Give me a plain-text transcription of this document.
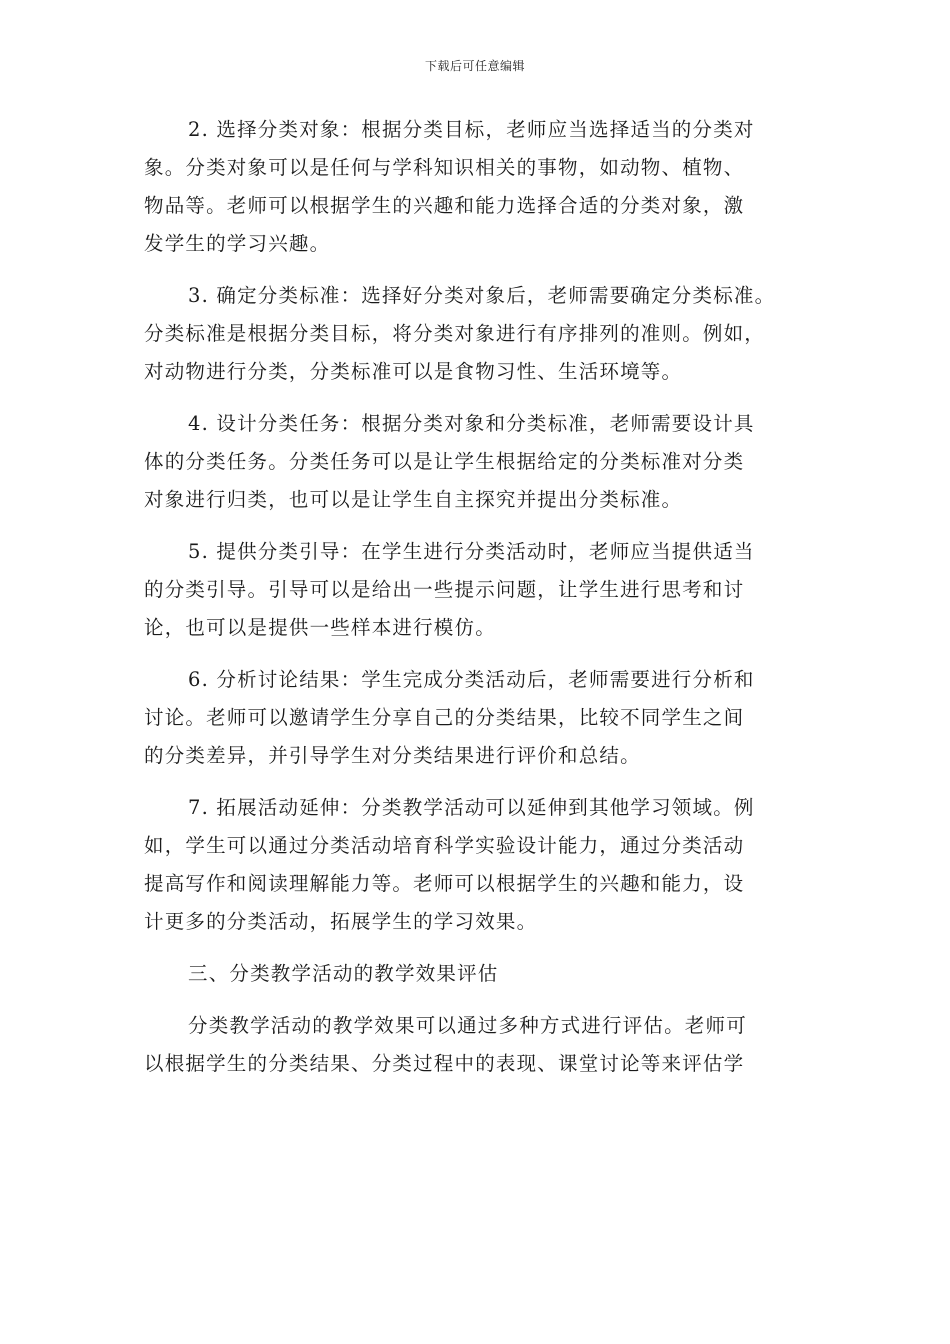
下载后可任意编辑
2. 选择分类对象：根据分类目标，老师应当选择适当的分类对
象。分类对象可以是任何与学科知识相关的事物，如动物、植物、
物品等。老师可以根据学生的兴趣和能力选择合适的分类对象，激
发学生的学习兴趣。
3. 确定分类标准：选择好分类对象后，老师需要确定分类标准。
分类标准是根据分类目标，将分类对象进行有序排列的准则。例如，
对动物进行分类，分类标准可以是食物习性、生活环境等。
4. 设计分类任务：根据分类对象和分类标准，老师需要设计具
体的分类任务。分类任务可以是让学生根据给定的分类标准对分类
对象进行归类，也可以是让学生自主探究并提出分类标准。
5. 提供分类引导：在学生进行分类活动时，老师应当提供适当
的分类引导。引导可以是给出一些提示问题，让学生进行思考和讨
论，也可以是提供一些样本进行模仿。
6. 分析讨论结果：学生完成分类活动后，老师需要进行分析和
讨论。老师可以邀请学生分享自己的分类结果，比较不同学生之间
的分类差异，并引导学生对分类结果进行评价和总结。
7. 拓展活动延伸：分类教学活动可以延伸到其他学习领域。例
如，学生可以通过分类活动培育科学实验设计能力，通过分类活动
提高写作和阅读理解能力等。老师可以根据学生的兴趣和能力，设
计更多的分类活动，拓展学生的学习效果。
三、分类教学活动的教学效果评估
分类教学活动的教学效果可以通过多种方式进行评估。老师可
以根据学生的分类结果、分类过程中的表现、课堂讨论等来评估学
